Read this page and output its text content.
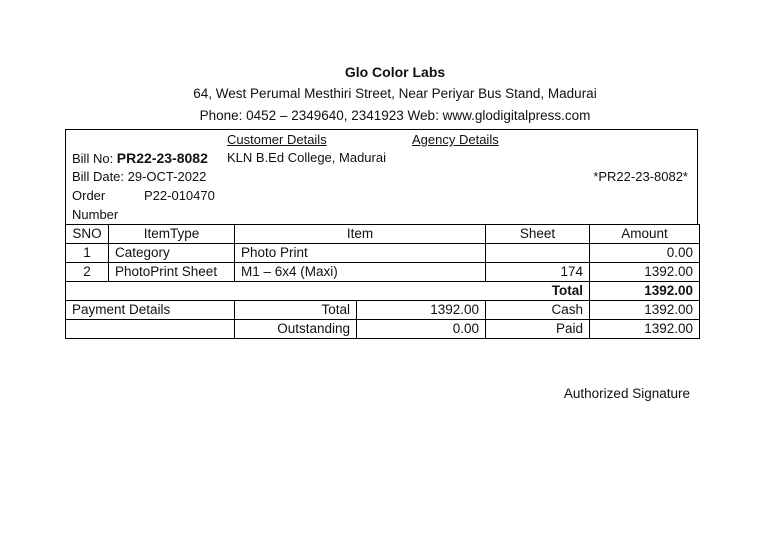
Glo Color Labs
64, West Perumal Mesthiri Street, Near Periyar Bus Stand, Madurai
Phone: 0452 – 2349640, 2341923 Web: www.glodigitalpress.com
Customer Details	Agency Details
Bill No: PR22-23-8082 KLN B.Ed College, Madurai
Bill Date: 29-OCT-2022	*PR22-23-8082*
Order	P22-010470
Number
SNO	ItemType	Item		Sheet	Amount
1	Category	Photo Print			0.00
2	PhotoPrint Sheet	M1 – 6x4 (Maxi)		174	1392.00
Total					1392.00
Payment Details		Total	1392.00	Cash	1392.00
		Outstanding	0.00	Paid	1392.00
Authorized Signature
